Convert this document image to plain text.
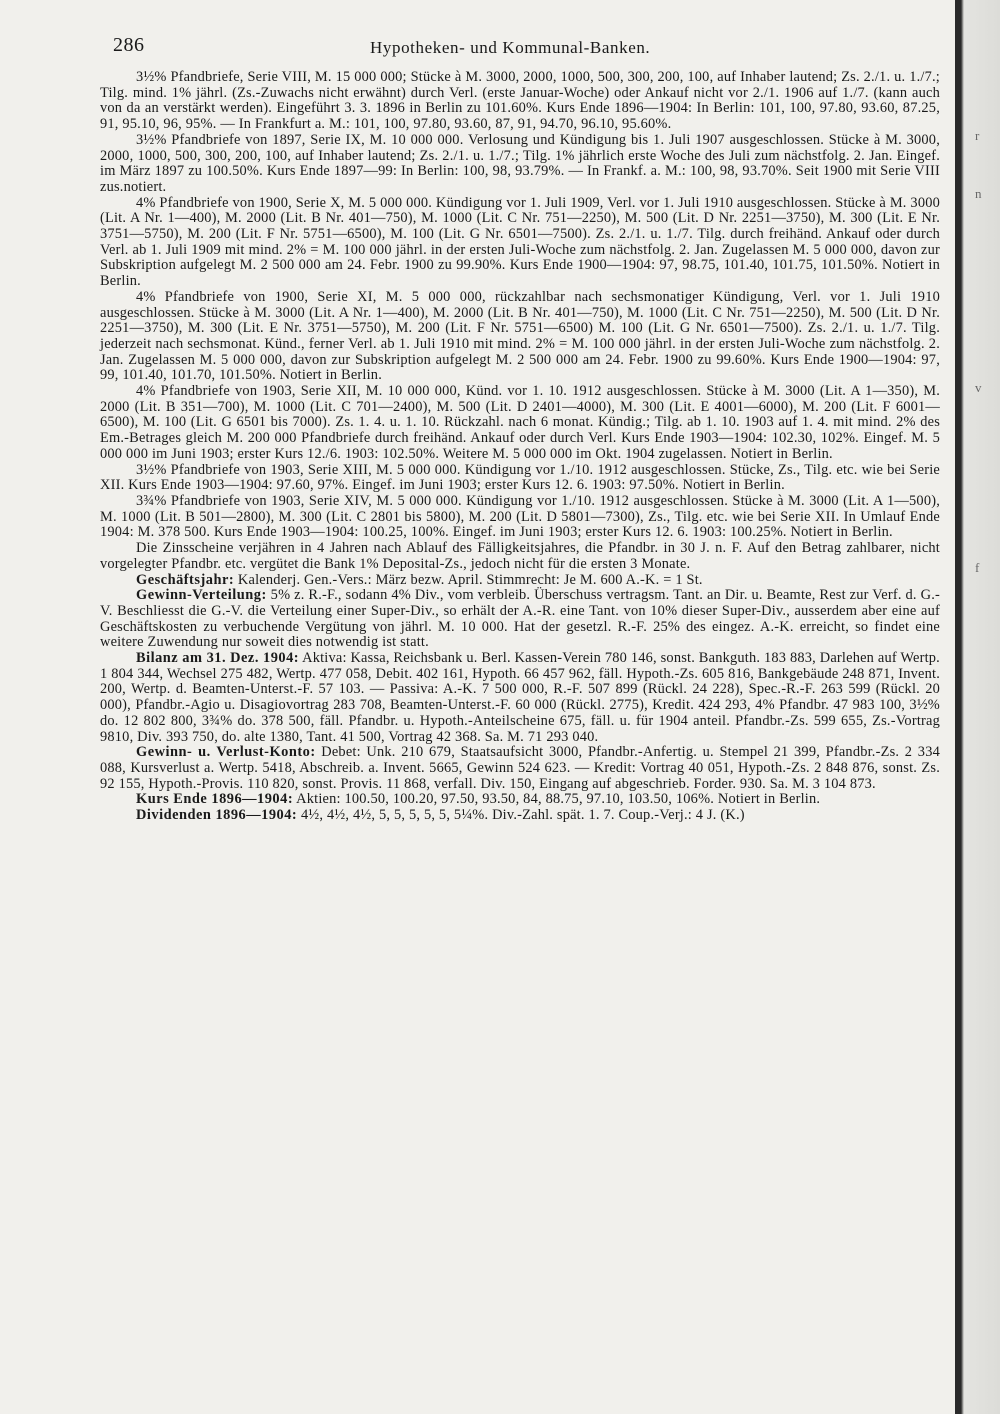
286	Hypotheken- und Kommunal-Banken.

3½% Pfandbriefe, Serie VIII, M. 15 000 000; Stücke à M. 3000, 2000, 1000, 500, 300, 200, 100, auf Inhaber lautend; Zs. 2./1. u. 1./7.; Tilg. mind. 1% jährl. (Zs.-Zuwachs nicht erwähnt) durch Verl. (erste Januar-Woche) oder Ankauf nicht vor 2./1. 1906 auf 1./7. (kann auch von da an verstärkt werden). Eingeführt 3. 3. 1896 in Berlin zu 101.60%. Kurs Ende 1896—1904: In Berlin: 101, 100, 97.80, 93.60, 87.25, 91, 95.10, 96, 95%. — In Frankfurt a. M.: 101, 100, 97.80, 93.60, 87, 91, 94.70, 96.10, 95.60%.

3½% Pfandbriefe von 1897, Serie IX, M. 10 000 000. Verlosung und Kündigung bis 1. Juli 1907 ausgeschlossen. Stücke à M. 3000, 2000, 1000, 500, 300, 200, 100, auf Inhaber lautend; Zs. 2./1. u. 1./7.; Tilg. 1% jährlich erste Woche des Juli zum nächstfolg. 2. Jan. Eingef. im März 1897 zu 100.50%. Kurs Ende 1897—99: In Berlin: 100, 98, 93.79%. — In Frankf. a. M.: 100, 98, 93.70%. Seit 1900 mit Serie VIII zus.notiert.

4% Pfandbriefe von 1900, Serie X, M. 5 000 000. Kündigung vor 1. Juli 1909, Verl. vor 1. Juli 1910 ausgeschlossen. Stücke à M. 3000 (Lit. A Nr. 1—400), M. 2000 (Lit. B Nr. 401—750), M. 1000 (Lit. C Nr. 751—2250), M. 500 (Lit. D Nr. 2251—3750), M. 300 (Lit. E Nr. 3751—5750), M. 200 (Lit. F Nr. 5751—6500), M. 100 (Lit. G Nr. 6501—7500). Zs. 2./1. u. 1./7. Tilg. durch freihänd. Ankauf oder durch Verl. ab 1. Juli 1909 mit mind. 2% = M. 100 000 jährl. in der ersten Juli-Woche zum nächstfolg. 2. Jan. Zugelassen M. 5 000 000, davon zur Subskription aufgelegt M. 2 500 000 am 24. Febr. 1900 zu 99.90%. Kurs Ende 1900—1904: 97, 98.75, 101.40, 101.75, 101.50%. Notiert in Berlin.

4% Pfandbriefe von 1900, Serie XI, M. 5 000 000, rückzahlbar nach sechsmonatiger Kündigung, Verl. vor 1. Juli 1910 ausgeschlossen. Stücke à M. 3000 (Lit. A Nr. 1—400), M. 2000 (Lit. B Nr. 401—750), M. 1000 (Lit. C Nr. 751—2250), M. 500 (Lit. D Nr. 2251—3750), M. 300 (Lit. E Nr. 3751—5750), M. 200 (Lit. F Nr. 5751—6500) M. 100 (Lit. G Nr. 6501—7500). Zs. 2./1. u. 1./7. Tilg. jederzeit nach sechsmonat. Künd., ferner Verl. ab 1. Juli 1910 mit mind. 2% = M. 100 000 jährl. in der ersten Juli-Woche zum nächstfolg. 2. Jan. Zugelassen M. 5 000 000, davon zur Subskription aufgelegt M. 2 500 000 am 24. Febr. 1900 zu 99.60%. Kurs Ende 1900—1904: 97, 99, 101.40, 101.70, 101.50%. Notiert in Berlin.

4% Pfandbriefe von 1903, Serie XII, M. 10 000 000, Künd. vor 1. 10. 1912 ausgeschlossen. Stücke à M. 3000 (Lit. A 1—350), M. 2000 (Lit. B 351—700), M. 1000 (Lit. C 701—2400), M. 500 (Lit. D 2401—4000), M. 300 (Lit. E 4001—6000), M. 200 (Lit. F 6001—6500), M. 100 (Lit. G 6501 bis 7000). Zs. 1. 4. u. 1. 10. Rückzahl. nach 6 monat. Kündig.; Tilg. ab 1. 10. 1903 auf 1. 4. mit mind. 2% des Em.-Betrages gleich M. 200 000 Pfandbriefe durch freihänd. Ankauf oder durch Verl. Kurs Ende 1903—1904: 102.30, 102%. Eingef. M. 5 000 000 im Juni 1903; erster Kurs 12./6. 1903: 102.50%. Weitere M. 5 000 000 im Okt. 1904 zugelassen. Notiert in Berlin.

3½% Pfandbriefe von 1903, Serie XIII, M. 5 000 000. Kündigung vor 1./10. 1912 ausgeschlossen. Stücke, Zs., Tilg. etc. wie bei Serie XII. Kurs Ende 1903—1904: 97.60, 97%. Eingef. im Juni 1903; erster Kurs 12. 6. 1903: 97.50%. Notiert in Berlin.

3¾% Pfandbriefe von 1903, Serie XIV, M. 5 000 000. Kündigung vor 1./10. 1912 ausgeschlossen. Stücke à M. 3000 (Lit. A 1—500), M. 1000 (Lit. B 501—2800), M. 300 (Lit. C 2801 bis 5800), M. 200 (Lit. D 5801—7300), Zs., Tilg. etc. wie bei Serie XII. In Umlauf Ende 1904: M. 378 500. Kurs Ende 1903—1904: 100.25, 100%. Eingef. im Juni 1903; erster Kurs 12. 6. 1903: 100.25%. Notiert in Berlin.

Die Zinsscheine verjähren in 4 Jahren nach Ablauf des Fälligkeitsjahres, die Pfandbr. in 30 J. n. F. Auf den Betrag zahlbarer, nicht vorgelegter Pfandbr. etc. vergütet die Bank 1% Deposital-Zs., jedoch nicht für die ersten 3 Monate.

Geschäftsjahr: Kalenderj. Gen.-Vers.: März bezw. April. Stimmrecht: Je M. 600 A.-K. = 1 St.

Gewinn-Verteilung: 5% z. R.-F., sodann 4% Div., vom verbleib. Überschuss vertragsm. Tant. an Dir. u. Beamte, Rest zur Verf. d. G.-V. Beschliesst die G.-V. die Verteilung einer Super-Div., so erhält der A.-R. eine Tant. von 10% dieser Super-Div., ausserdem aber eine auf Geschäftskosten zu verbuchende Vergütung von jährl. M. 10 000. Hat der gesetzl. R.-F. 25% des eingez. A.-K. erreicht, so findet eine weitere Zuwendung nur soweit dies notwendig ist statt.

Bilanz am 31. Dez. 1904: Aktiva: Kassa, Reichsbank u. Berl. Kassen-Verein 780 146, sonst. Bankguth. 183 883, Darlehen auf Wertp. 1 804 344, Wechsel 275 482, Wertp. 477 058, Debit. 402 161, Hypoth. 66 457 962, fäll. Hypoth.-Zs. 605 816, Bankgebäude 248 871, Invent. 200, Wertp. d. Beamten-Unterst.-F. 57 103. — Passiva: A.-K. 7 500 000, R.-F. 507 899 (Rückl. 24 228), Spec.-R.-F. 263 599 (Rückl. 20 000), Pfandbr.-Agio u. Disagiovortrag 283 708, Beamten-Unterst.-F. 60 000 (Rückl. 2775), Kredit. 424 293, 4% Pfandbr. 47 983 100, 3½% do. 12 802 800, 3¾% do. 378 500, fäll. Pfandbr. u. Hypoth.-Anteilscheine 675, fäll. u. für 1904 anteil. Pfandbr.-Zs. 599 655, Zs.-Vortrag 9810, Div. 393 750, do. alte 1380, Tant. 41 500, Vortrag 42 368. Sa. M. 71 293 040.

Gewinn- u. Verlust-Konto: Debet: Unk. 210 679, Staatsaufsicht 3000, Pfandbr.-Anfertig. u. Stempel 21 399, Pfandbr.-Zs. 2 334 088, Kursverlust a. Wertp. 5418, Abschreib. a. Invent. 5665, Gewinn 524 623. — Kredit: Vortrag 40 051, Hypoth.-Zs. 2 848 876, sonst. Zs. 92 155, Hypoth.-Provis. 110 820, sonst. Provis. 11 868, verfall. Div. 150, Eingang auf abgeschrieb. Forder. 930. Sa. M. 3 104 873.

Kurs Ende 1896—1904: Aktien: 100.50, 100.20, 97.50, 93.50, 84, 88.75, 97.10, 103.50, 106%. Notiert in Berlin.

Dividenden 1896—1904: 4½, 4½, 4½, 5, 5, 5, 5, 5, 5¼%. Div.-Zahl. spät. 1. 7. Coup.-Verj.: 4 J. (K.)

r
n
v
f
